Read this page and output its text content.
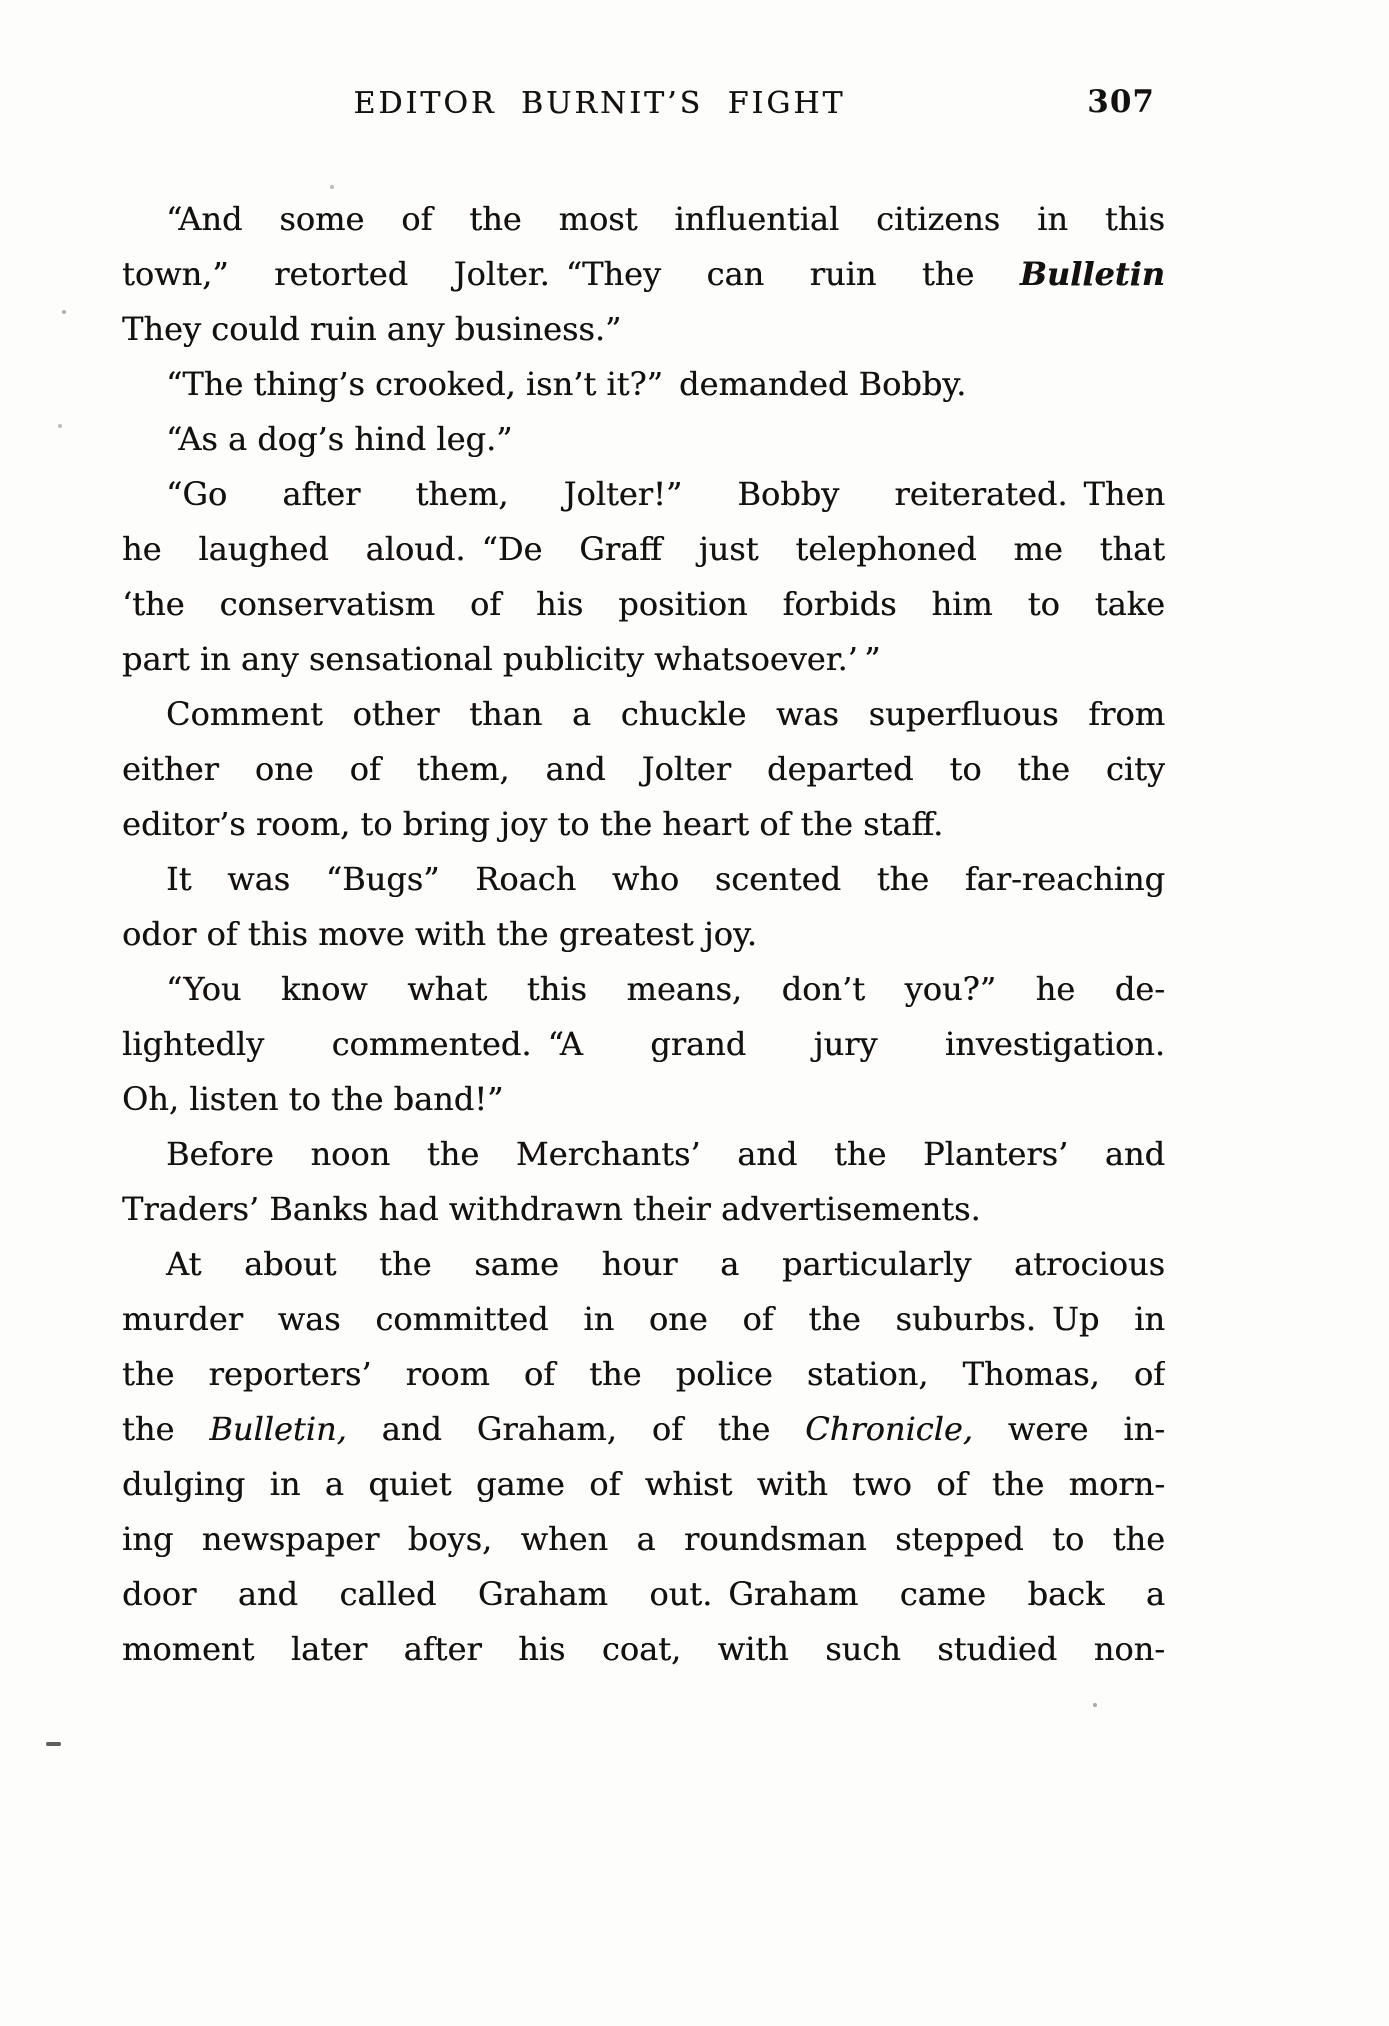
EDITOR BURNIT’S FIGHT	307
“And some of the most influential citizens in this
town,” retorted Jolter. “They can ruin the Bulletin
They could ruin any business.”
“The thing’s crooked, isn’t it?” demanded Bobby.
“As a dog’s hind leg.”
“Go after them, Jolter!” Bobby reiterated. Then
he laughed aloud. “De Graff just telephoned me that
‘the conservatism of his position forbids him to take
part in any sensational publicity whatsoever.’ ”
Comment other than a chuckle was superfluous from
either one of them, and Jolter departed to the city
editor’s room, to bring joy to the heart of the staff.
It was “Bugs” Roach who scented the far-reaching
odor of this move with the greatest joy.
“You know what this means, don’t you?” he de-
lightedly commented. “A grand jury investigation.
Oh, listen to the band!”
Before noon the Merchants’ and the Planters’ and
Traders’ Banks had withdrawn their advertisements.
At about the same hour a particularly atrocious
murder was committed in one of the suburbs. Up in
the reporters’ room of the police station, Thomas, of
the Bulletin, and Graham, of the Chronicle, were in-
dulging in a quiet game of whist with two of the morn-
ing newspaper boys, when a roundsman stepped to the
door and called Graham out. Graham came back a
moment later after his coat, with such studied non-
